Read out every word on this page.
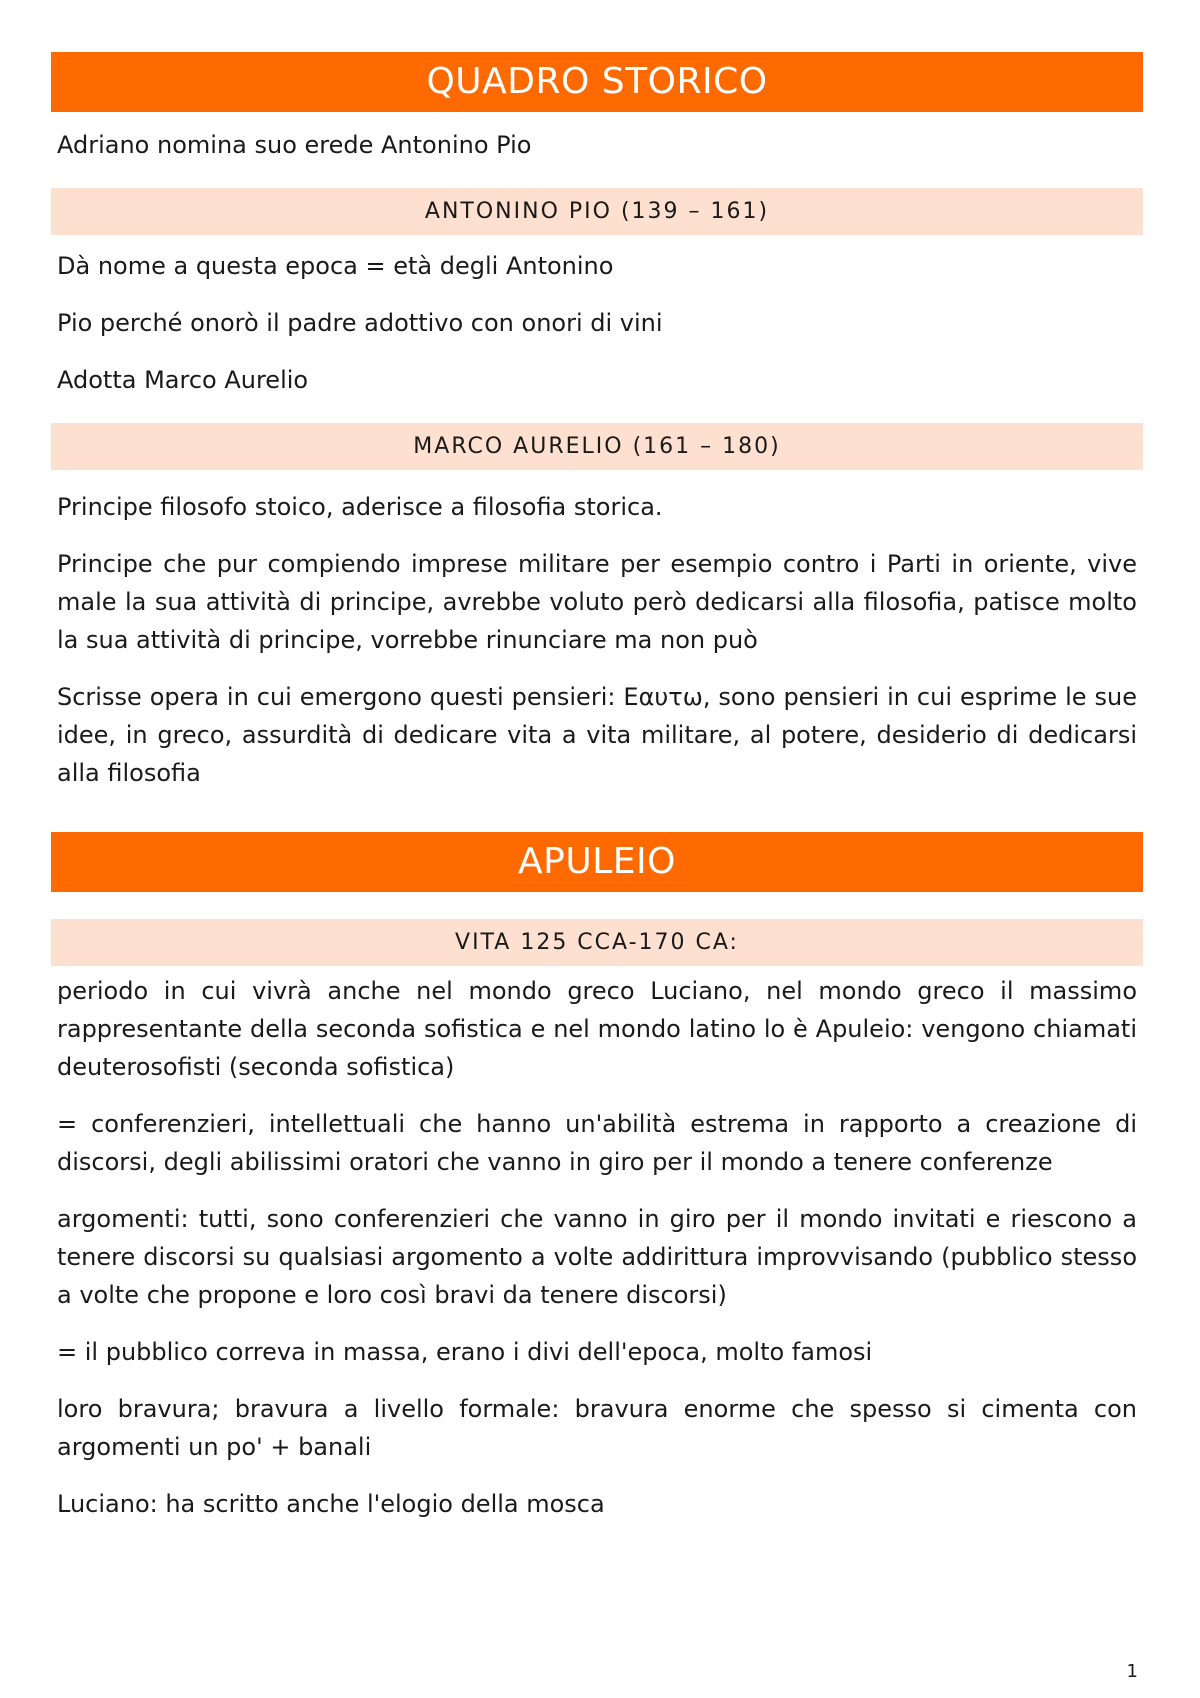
QUADRO STORICO

Adriano nomina suo erede Antonino Pio

ANTONINO PIO (139 – 161)

Dà nome a questa epoca = età degli Antonino

Pio perché onorò il padre adottivo con onori di vini

Adotta Marco Aurelio

MARCO AURELIO (161 – 180)

Principe filosofo stoico, aderisce a filosofia storica.

Principe che pur compiendo imprese militare per esempio contro i Parti in oriente, vive male la sua attività di principe, avrebbe voluto però dedicarsi alla filosofia, patisce molto la sua attività di principe, vorrebbe rinunciare ma non può

Scrisse opera in cui emergono questi pensieri: Εαυτω, sono pensieri in cui esprime le sue idee, in greco, assurdità di dedicare vita a vita militare, al potere, desiderio di dedicarsi alla filosofia

APULEIO
VITA 125 CCA-170 CA:

periodo in cui vivrà anche nel mondo greco Luciano, nel mondo greco il massimo rappresentante della seconda sofistica e nel mondo latino lo è Apuleio: vengono chiamati deuterosofisti (seconda sofistica)

= conferenzieri, intellettuali che hanno un'abilità estrema in rapporto a creazione di discorsi, degli abilissimi oratori che vanno in giro per il mondo a tenere conferenze

argomenti: tutti, sono conferenzieri che vanno in giro per il mondo invitati e riescono a tenere discorsi su qualsiasi argomento a volte addirittura improvvisando (pubblico stesso a volte che propone e loro così bravi da tenere discorsi)

= il pubblico correva in massa, erano i divi dell'epoca, molto famosi

loro bravura; bravura a livello formale: bravura enorme che spesso si cimenta con argomenti un po' + banali

Luciano: ha scritto anche l'elogio della mosca

1
